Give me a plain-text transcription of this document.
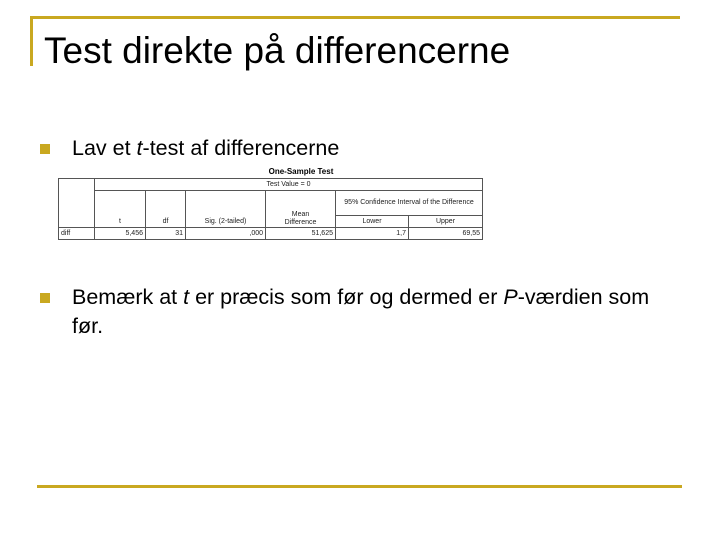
Test direkte på differencerne
Lav et t-test af differencerne
One-Sample Test
	Test Value = 0					
	t	df	Sig. (2-tailed)	Mean Difference	95% Confidence Interval of the Difference	
					Lower	Upper
diff	5,456	31	,000	51,625	1,7	69,55
Bemærk at t er præcis som før og dermed er P-værdien som før.
